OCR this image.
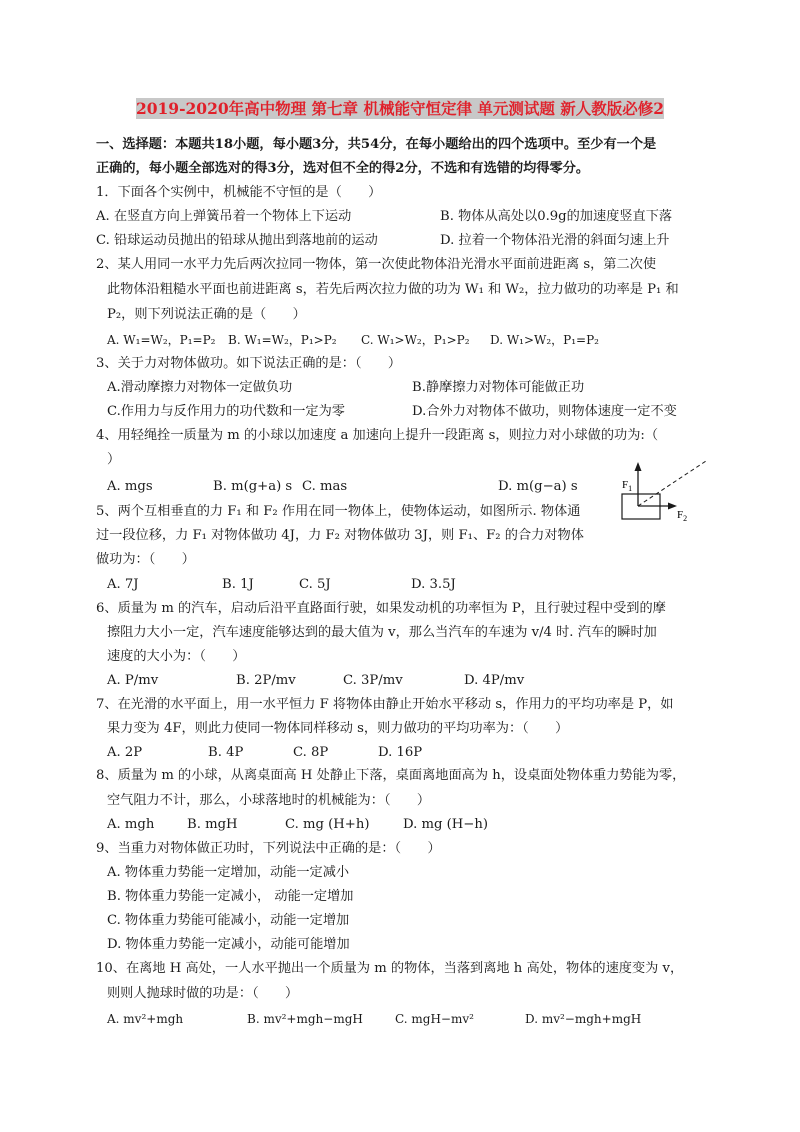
2019-2020年高中物理 第七章 机械能守恒定律 单元测试题 新人教版必修2
一、选择题：本题共18小题，每小题3分，共54分，在每小题给出的四个选项中。至少有一个是
正确的，每小题全部选对的得3分，选对但不全的得2分，不选和有选错的均得零分。
1．下面各个实例中，机械能不守恒的是（　　）
A. 在竖直方向上弹簧吊着一个物体上下运动	B. 物体从高处以0.9g的加速度竖直下落
C. 铅球运动员抛出的铅球从抛出到落地前的运动	D. 拉着一个物体沿光滑的斜面匀速上升
2、某人用同一水平力先后两次拉同一物体，第一次使此物体沿光滑水平面前进距离 s，第二次使
此物体沿粗糙水平面也前进距离 s，若先后两次拉力做的功为 W₁ 和 W₂，拉力做功的功率是 P₁ 和
P₂，则下列说法正确的是（　　）
A. W₁=W₂，P₁=P₂ B. W₁=W₂，P₁>P₂ C. W₁>W₂，P₁>P₂ D. W₁>W₂，P₁=P₂
3、关于力对物体做功。如下说法正确的是：（　　）
A.滑动摩擦力对物体一定做负功	B.静摩擦力对物体可能做正功
C.作用力与反作用力的功代数和一定为零	D.合外力对物体不做功，则物体速度一定不变
4、用轻绳拴一质量为 m 的小球以加速度 a 加速向上提升一段距离 s，则拉力对小球做的功为:（
）
A. mgs	B. m(g+a) s C. mas	D. m(g−a) s
5、两个互相垂直的力 F₁ 和 F₂ 作用在同一物体上，使物体运动，如图所示. 物体通
过一段位移，力 F₁ 对物体做功 4J，力 F₂ 对物体做功 3J，则 F₁、F₂ 的合力对物体
做功为：（　　）
A. 7J	B. 1J	C. 5J	D. 3.5J
$F_1$
$F_2$
6、质量为 m 的汽车，启动后沿平直路面行驶，如果发动机的功率恒为 P，且行驶过程中受到的摩
擦阻力大小一定，汽车速度能够达到的最大值为 v，那么当汽车的车速为 v/4 时. 汽车的瞬时加
速度的大小为：（　　）
A. P/mv	B. 2P/mv	C. 3P/mv	D. 4P/mv
7、在光滑的水平面上，用一水平恒力 F 将物体由静止开始水平移动 s，作用力的平均功率是 P，如
果力变为 4F，则此力使同一物体同样移动 s，则力做功的平均功率为：（　　）
A. 2P	B. 4P	C. 8P	D. 16P
8、质量为 m 的小球，从离桌面高 H 处静止下落，桌面离地面高为 h，设桌面处物体重力势能为零，
空气阻力不计，那么，小球落地时的机械能为：（　　）
A. mgh B. mgH	C. mg (H+h)	D. mg (H−h)
9、当重力对物体做正功时，下列说法中正确的是：（　　）
A. 物体重力势能一定增加，动能一定减小
B. 物体重力势能一定减小， 动能一定增加
C. 物体重力势能可能减小，动能一定增加
D. 物体重力势能一定减小，动能可能增加
10、在离地 H 高处，一人水平抛出一个质量为 m 的物体，当落到离地 h 高处，物体的速度变为 v，
则则人抛球时做的功是：（　　）
A. mv²+mgh	B. mv²+mgh−mgH	C. mgH−mv²	D. mv²−mgh+mgH
